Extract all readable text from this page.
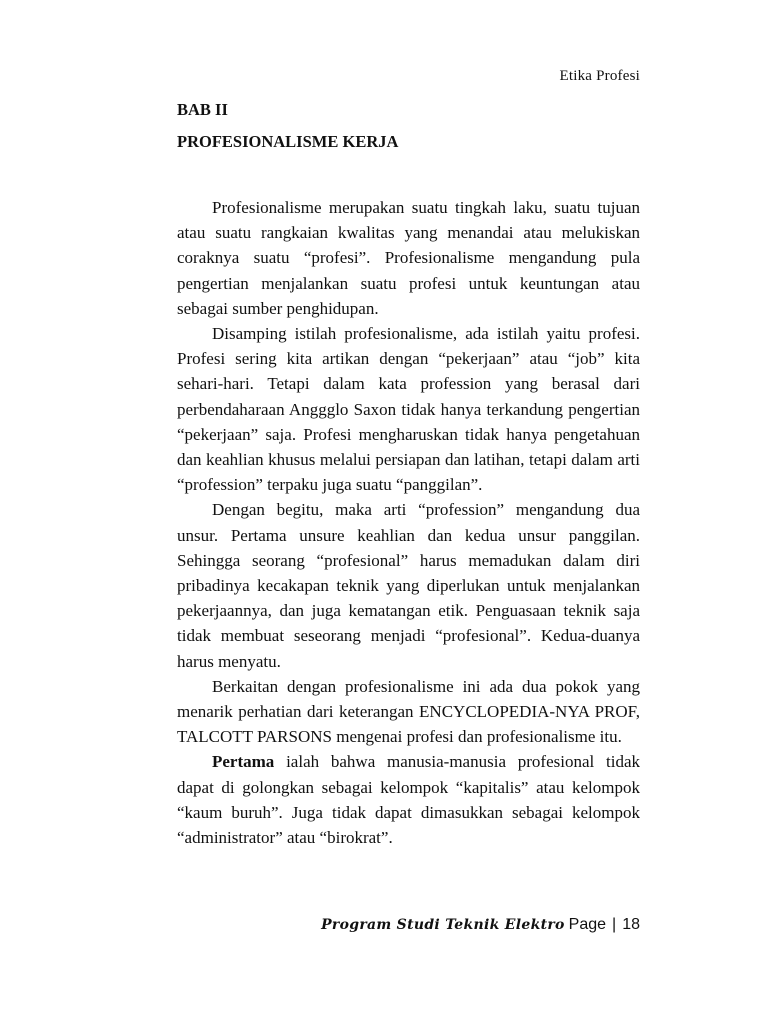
Etika Profesi
BAB II
PROFESIONALISME KERJA

Profesionalisme merupakan suatu tingkah laku, suatu tujuan atau suatu rangkaian kwalitas yang menandai atau melukiskan coraknya suatu “profesi”. Profesionalisme mengandung pula pengertian menjalankan suatu profesi untuk keuntungan atau sebagai sumber penghidupan.

Disamping istilah profesionalisme, ada istilah yaitu profesi. Profesi sering kita artikan dengan “pekerjaan” atau “job” kita sehari-hari. Tetapi dalam kata profession yang berasal dari perbendaharaan Anggglo Saxon tidak hanya terkandung pengertian “pekerjaan” saja. Profesi mengharuskan tidak hanya pengetahuan dan keahlian khusus melalui persiapan dan latihan, tetapi dalam arti “profession” terpaku juga suatu “panggilan”.

Dengan begitu, maka arti “profession” mengandung dua unsur. Pertama unsure keahlian dan kedua unsur panggilan. Sehingga seorang “profesional” harus memadukan dalam diri pribadinya kecakapan teknik yang diperlukan untuk menjalankan pekerjaannya, dan juga kematangan etik. Penguasaan teknik saja tidak membuat seseorang menjadi “profesional”. Kedua-duanya harus menyatu.

Berkaitan dengan profesionalisme ini ada dua pokok yang menarik perhatian dari keterangan ENCYCLOPEDIA-NYA PROF, TALCOTT PARSONS mengenai profesi dan profesionalisme itu.

Pertama ialah bahwa manusia-manusia profesional tidak dapat di golongkan sebagai kelompok “kapitalis” atau kelompok “kaum buruh”. Juga tidak dapat dimasukkan sebagai kelompok “administrator” atau “birokrat”.

Program Studi Teknik Elektro Page | 18
